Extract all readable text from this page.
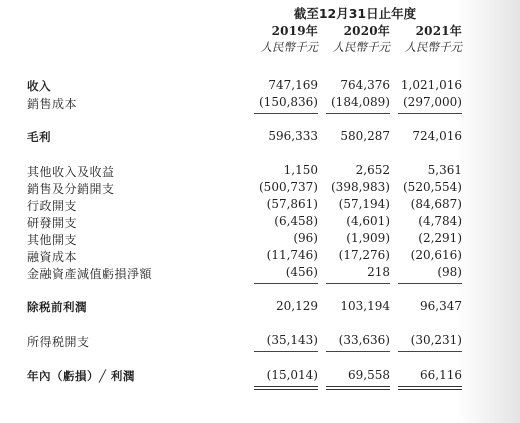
截至12月31日止年度
2019年	2020年	2021年
人民幣千元	人民幣千元	人民幣千元
收入	747,169	764,376 1,021,016
銷售成本	(150,836)	(184,089)	(297,000)
毛利	596,333	580,287	724,016
其他收入及收益	1,150	2,652	5,361
銷售及分銷開支	(500,737)	(398,983)	(520,554)
行政開支	(57,861)	(57,194)	(84,687)
研發開支	(6,458)	(4,601)	(4,784)
其他開支	(96)	(1,909)	(2,291)
融資成本	(11,746)	(17,276)	(20,616)
金融資產減值虧損淨額	(456)	218	(98)
除税前利潤	20,129	103,194	96,347
所得税開支	(35,143)	(33,636)	(30,231)
年內（虧損）╱ 利潤	(15,014)	69,558	66,116
